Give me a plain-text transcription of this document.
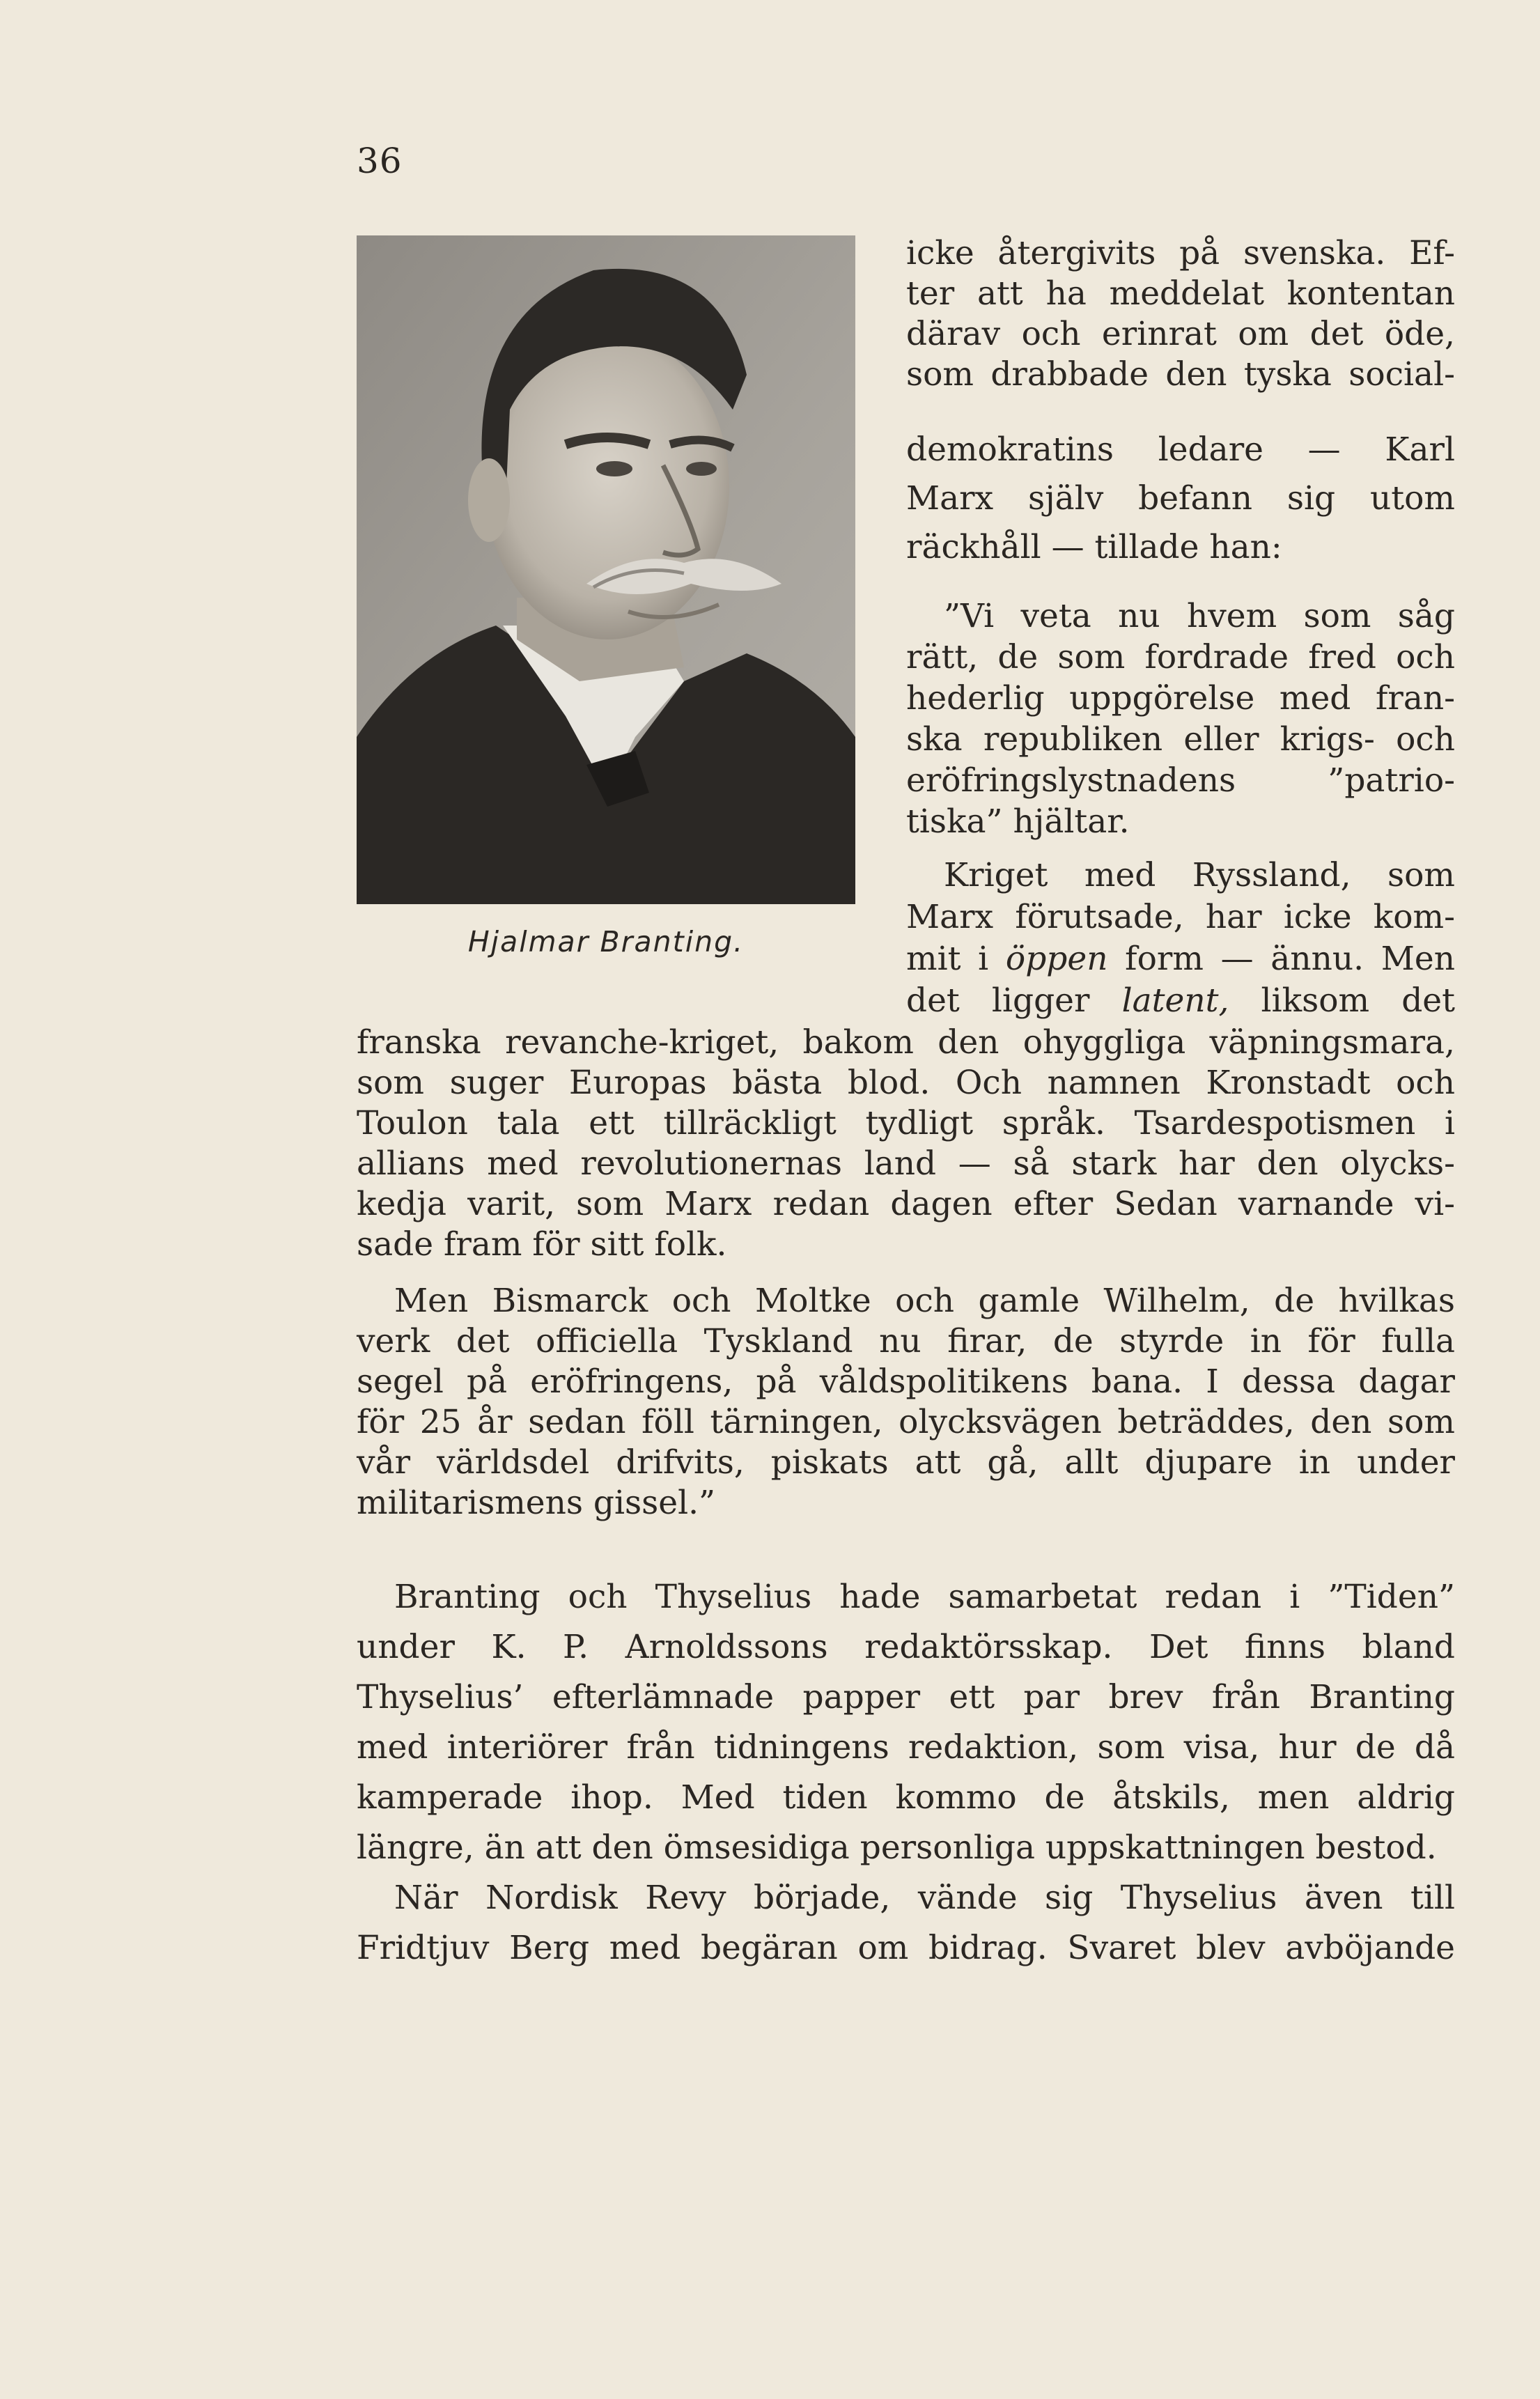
36
Hjalmar Branting.
icke återgivits på svenska. Ef-
ter att ha meddelat kontentan
därav och erinrat om det öde,
som drabbade den tyska social-
demokratins ledare — Karl
Marx själv befann sig utom
räckhåll — tillade han:
”Vi veta nu hvem som såg
rätt, de som fordrade fred och
hederlig uppgörelse med fran-
ska republiken eller krigs- och
eröfringslystnadens ”patrio-
tiska” hjältar.
Kriget med Ryssland, som
Marx förutsade, har icke kom-
mit i öppen form — ännu. Men
det ligger latent, liksom det
franska revanche-kriget, bakom den ohyggliga väpningsmara,
som suger Europas bästa blod. Och namnen Kronstadt och
Toulon tala ett tillräckligt tydligt språk. Tsardespotismen i
allians med revolutionernas land — så stark har den olycks-
kedja varit, som Marx redan dagen efter Sedan varnande vi-
sade fram för sitt folk.
Men Bismarck och Moltke och gamle Wilhelm, de hvilkas
verk det officiella Tyskland nu firar, de styrde in för fulla
segel på eröfringens, på våldspolitikens bana. I dessa dagar
för 25 år sedan föll tärningen, olycksvägen beträddes, den som
vår världsdel drifvits, piskats att gå, allt djupare in under
militarismens gissel.”
Branting och Thyselius hade samarbetat redan i ”Tiden”
under K. P. Arnoldssons redaktörsskap. Det finns bland
Thyselius’ efterlämnade papper ett par brev från Branting
med interiörer från tidningens redaktion, som visa, hur de då
kamperade ihop. Med tiden kommo de åtskils, men aldrig
längre, än att den ömsesidiga personliga uppskattningen bestod.
När Nordisk Revy började, vände sig Thyselius även till
Fridtjuv Berg med begäran om bidrag. Svaret blev avböjande
